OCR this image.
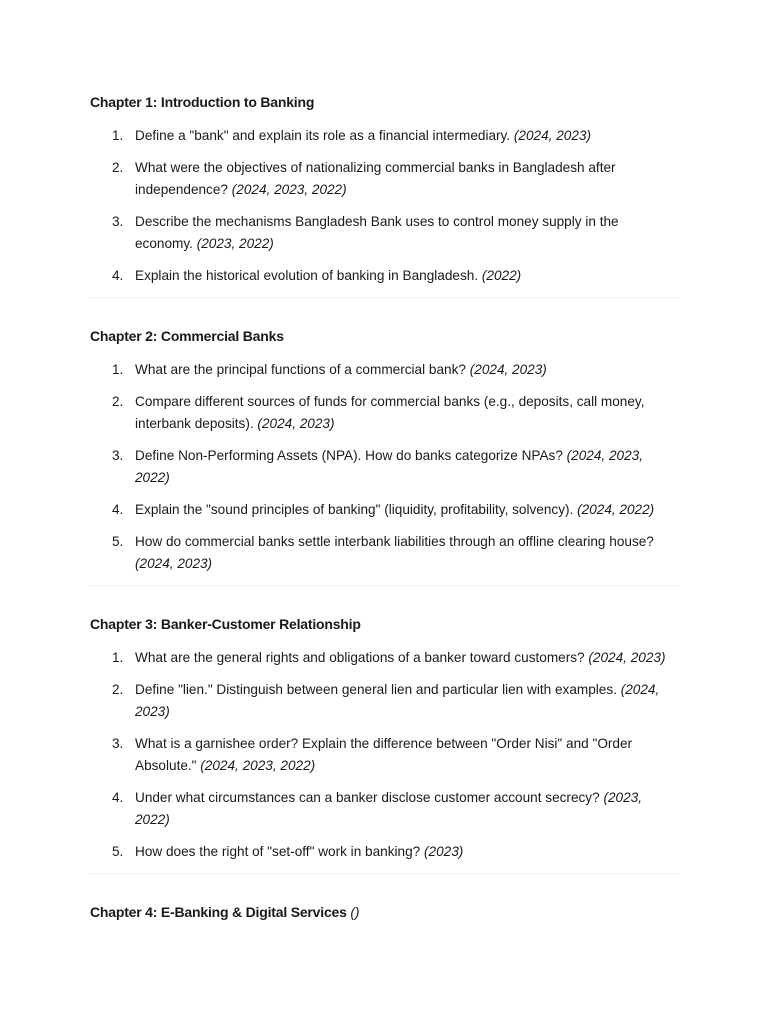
Chapter 1: Introduction to Banking
1. Define a "bank" and explain its role as a financial intermediary. (2024, 2023)
2. What were the objectives of nationalizing commercial banks in Bangladesh after independence? (2024, 2023, 2022)
3. Describe the mechanisms Bangladesh Bank uses to control money supply in the economy. (2023, 2022)
4. Explain the historical evolution of banking in Bangladesh. (2022)
Chapter 2: Commercial Banks
1. What are the principal functions of a commercial bank? (2024, 2023)
2. Compare different sources of funds for commercial banks (e.g., deposits, call money, interbank deposits). (2024, 2023)
3. Define Non-Performing Assets (NPA). How do banks categorize NPAs? (2024, 2023, 2022)
4. Explain the "sound principles of banking" (liquidity, profitability, solvency). (2024, 2022)
5. How do commercial banks settle interbank liabilities through an offline clearing house? (2024, 2023)
Chapter 3: Banker-Customer Relationship
1. What are the general rights and obligations of a banker toward customers? (2024, 2023)
2. Define "lien." Distinguish between general lien and particular lien with examples. (2024, 2023)
3. What is a garnishee order? Explain the difference between "Order Nisi" and "Order Absolute." (2024, 2023, 2022)
4. Under what circumstances can a banker disclose customer account secrecy? (2023, 2022)
5. How does the right of "set-off" work in banking? (2023)
Chapter 4: E-Banking & Digital Services ()
